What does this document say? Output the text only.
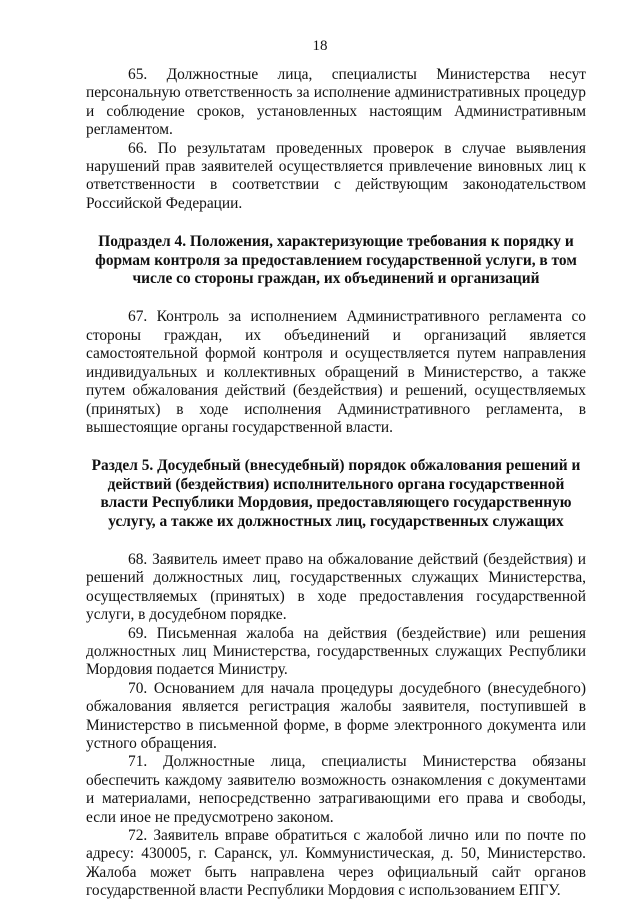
18

65. Должностные лица, специалисты Министерства несут персональную ответственность за исполнение административных процедур и соблюдение сроков, установленных настоящим Административным регламентом.

66. По результатам проведенных проверок в случае выявления нарушений прав заявителей осуществляется привлечение виновных лиц к ответственности в соответствии с действующим законодательством Российской Федерации.

Подраздел 4. Положения, характеризующие требования к порядку и формам контроля за предоставлением государственной услуги, в том числе со стороны граждан, их объединений и организаций

67. Контроль за исполнением Административного регламента со стороны граждан, их объединений и организаций является самостоятельной формой контроля и осуществляется путем направления индивидуальных и коллективных обращений в Министерство, а также путем обжалования действий (бездействия) и решений, осуществляемых (принятых) в ходе исполнения Административного регламента, в вышестоящие органы государственной власти.

Раздел 5. Досудебный (внесудебный) порядок обжалования решений и действий (бездействия) исполнительного органа государственной власти Республики Мордовия, предоставляющего государственную услугу, а также их должностных лиц, государственных служащих

68. Заявитель имеет право на обжалование действий (бездействия) и решений должностных лиц, государственных служащих Министерства, осуществляемых (принятых) в ходе предоставления государственной услуги, в досудебном порядке.

69. Письменная жалоба на действия (бездействие) или решения должностных лиц Министерства, государственных служащих Республики Мордовия подается Министру.

70. Основанием для начала процедуры досудебного (внесудебного) обжалования является регистрация жалобы заявителя, поступившей в Министерство в письменной форме, в форме электронного документа или устного обращения.

71. Должностные лица, специалисты Министерства обязаны обеспечить каждому заявителю возможность ознакомления с документами и материалами, непосредственно затрагивающими его права и свободы, если иное не предусмотрено законом.

72. Заявитель вправе обратиться с жалобой лично или по почте по адресу: 430005, г. Саранск, ул. Коммунистическая, д. 50, Министерство. Жалоба может быть направлена через официальный сайт органов государственной власти Республики Мордовия с использованием ЕПГУ.
